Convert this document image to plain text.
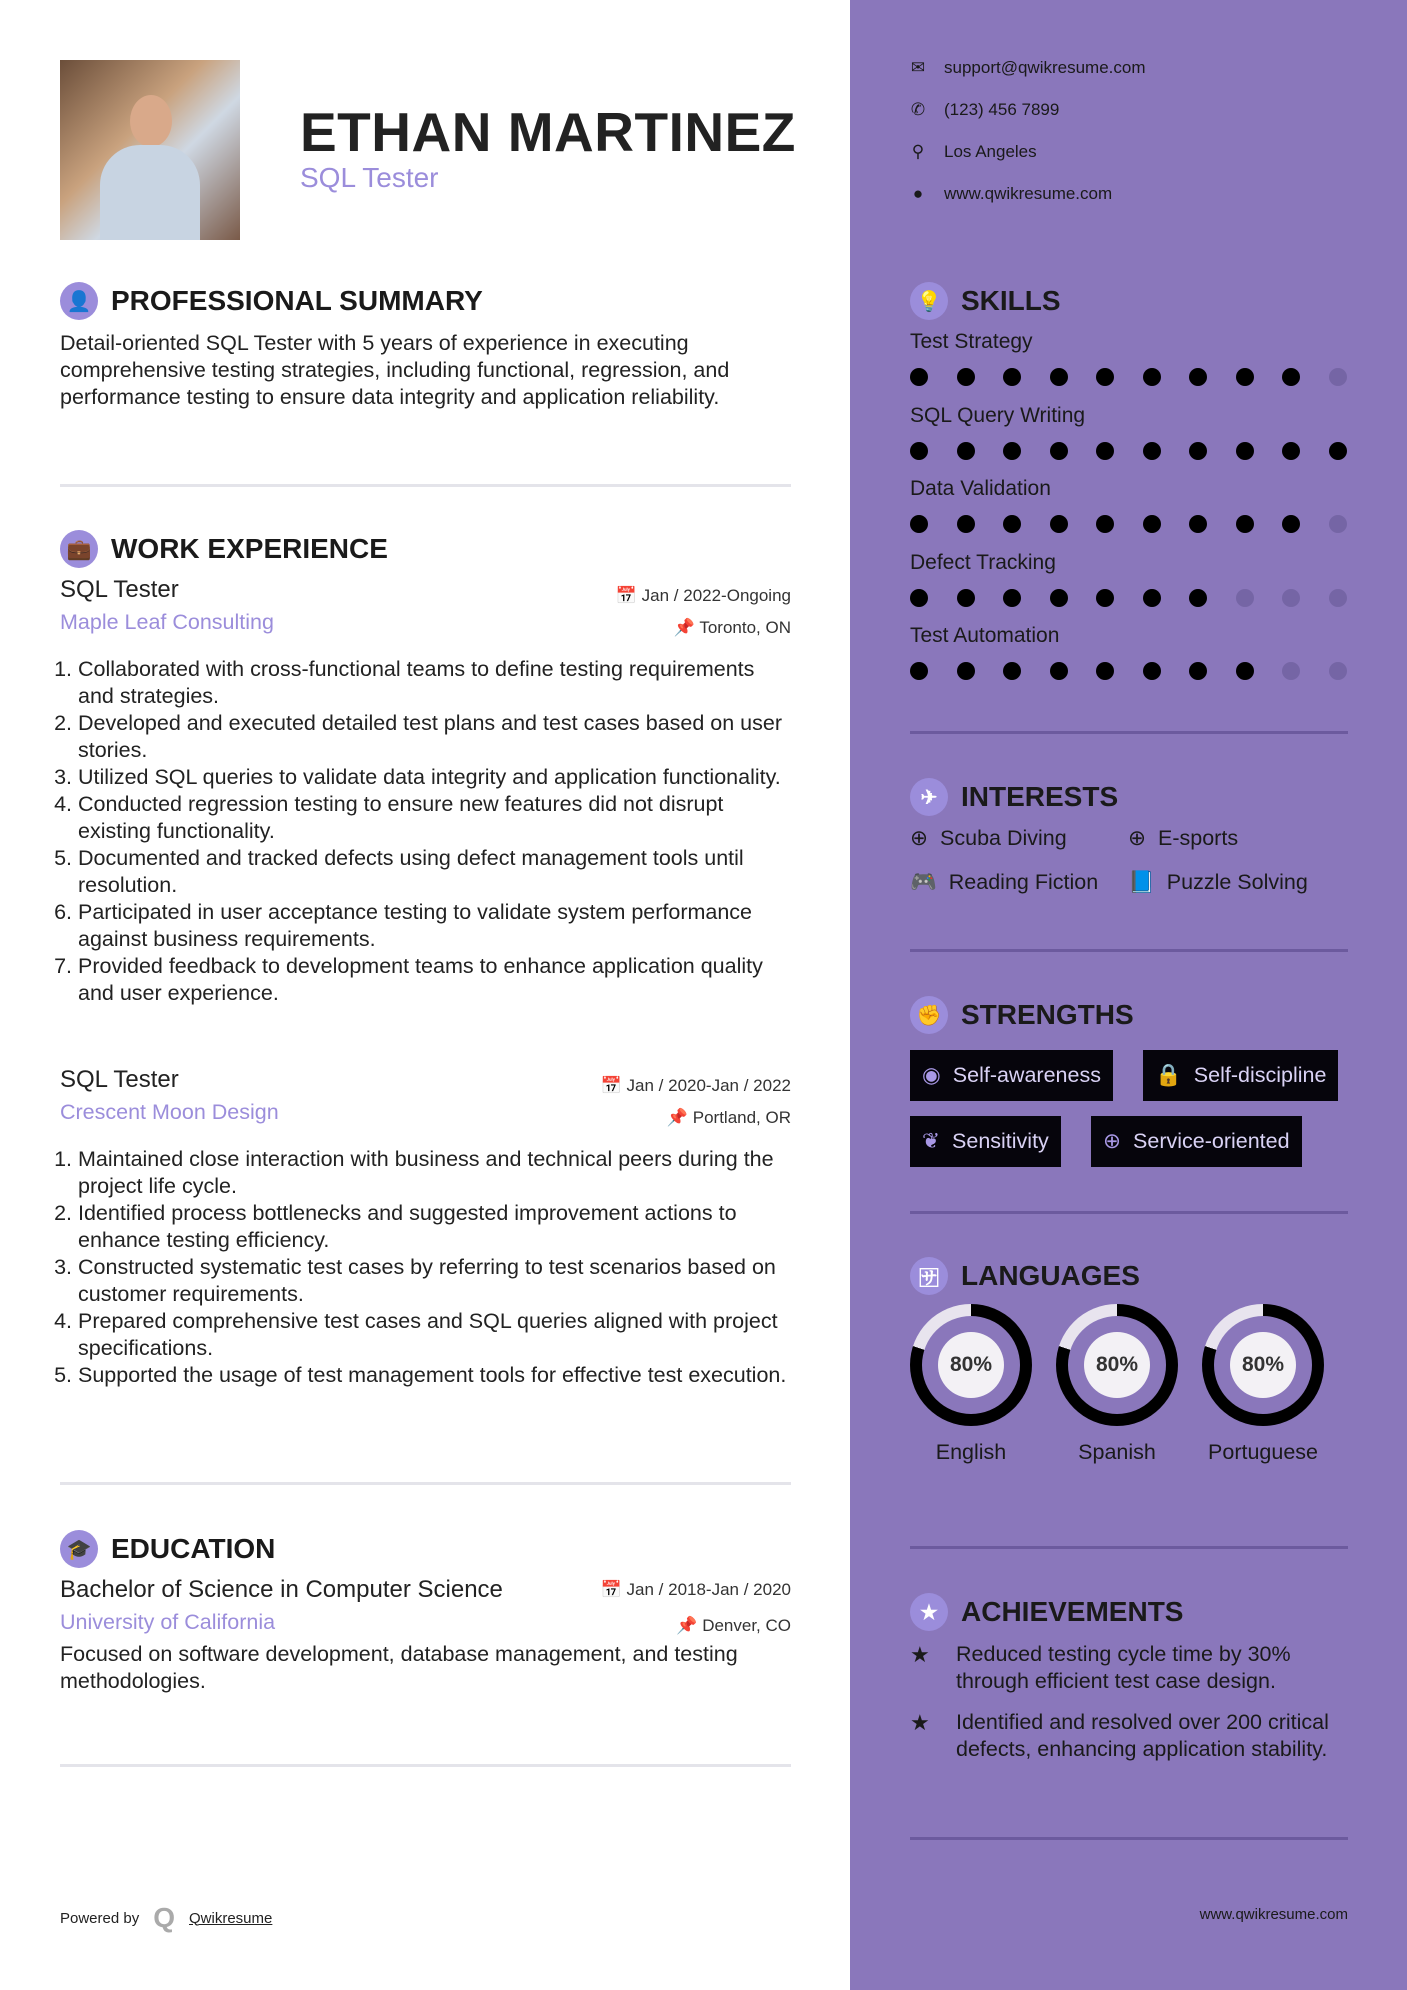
ETHAN MARTINEZ
SQL Tester
👤 PROFESSIONAL SUMMARY
Detail-oriented SQL Tester with 5 years of experience in executing comprehensive testing strategies, including functional, regression, and performance testing to ensure data integrity and application reliability.
💼 WORK EXPERIENCE
SQL Tester	📅 Jan / 2022-Ongoing
Maple Leaf Consulting	📌 Toronto, ON
1. Collaborated with cross-functional teams to define testing requirements and strategies.
2. Developed and executed detailed test plans and test cases based on user stories.
3. Utilized SQL queries to validate data integrity and application functionality.
4. Conducted regression testing to ensure new features did not disrupt existing functionality.
5. Documented and tracked defects using defect management tools until resolution.
6. Participated in user acceptance testing to validate system performance against business requirements.
7. Provided feedback to development teams to enhance application quality and user experience.
SQL Tester	📅 Jan / 2020-Jan / 2022
Crescent Moon Design	📌 Portland, OR
1. Maintained close interaction with business and technical peers during the project life cycle.
2. Identified process bottlenecks and suggested improvement actions to enhance testing efficiency.
3. Constructed systematic test cases by referring to test scenarios based on customer requirements.
4. Prepared comprehensive test cases and SQL queries aligned with project specifications.
5. Supported the usage of test management tools for effective test execution.
🎓 EDUCATION
Bachelor of Science in Computer Science	📅 Jan / 2018-Jan / 2020
University of California	📌 Denver, CO
Focused on software development, database management, and testing methodologies.
Powered by Q Qwikresume
✉ support@qwikresume.com
✆ (123) 456 7899
⚲ Los Angeles
● www.qwikresume.com
💡 SKILLS
Test Strategy
SQL Query Writing
Data Validation
Defect Tracking
Test Automation
✈ INTERESTS
⊕ Scuba Diving	⊕ E-sports
🎮 Reading Fiction 📘 Puzzle Solving
✊ STRENGTHS
◉ Self-awareness	🔒 Self-discipline
❦ Sensitivity	⊕ Service-oriented
🈂 LANGUAGES
80%
English
80%
Spanish
80%
Portuguese
★ ACHIEVEMENTS
★	Reduced testing cycle time by 30% through efficient test case design.
★	Identified and resolved over 200 critical defects, enhancing application stability.
www.qwikresume.com
